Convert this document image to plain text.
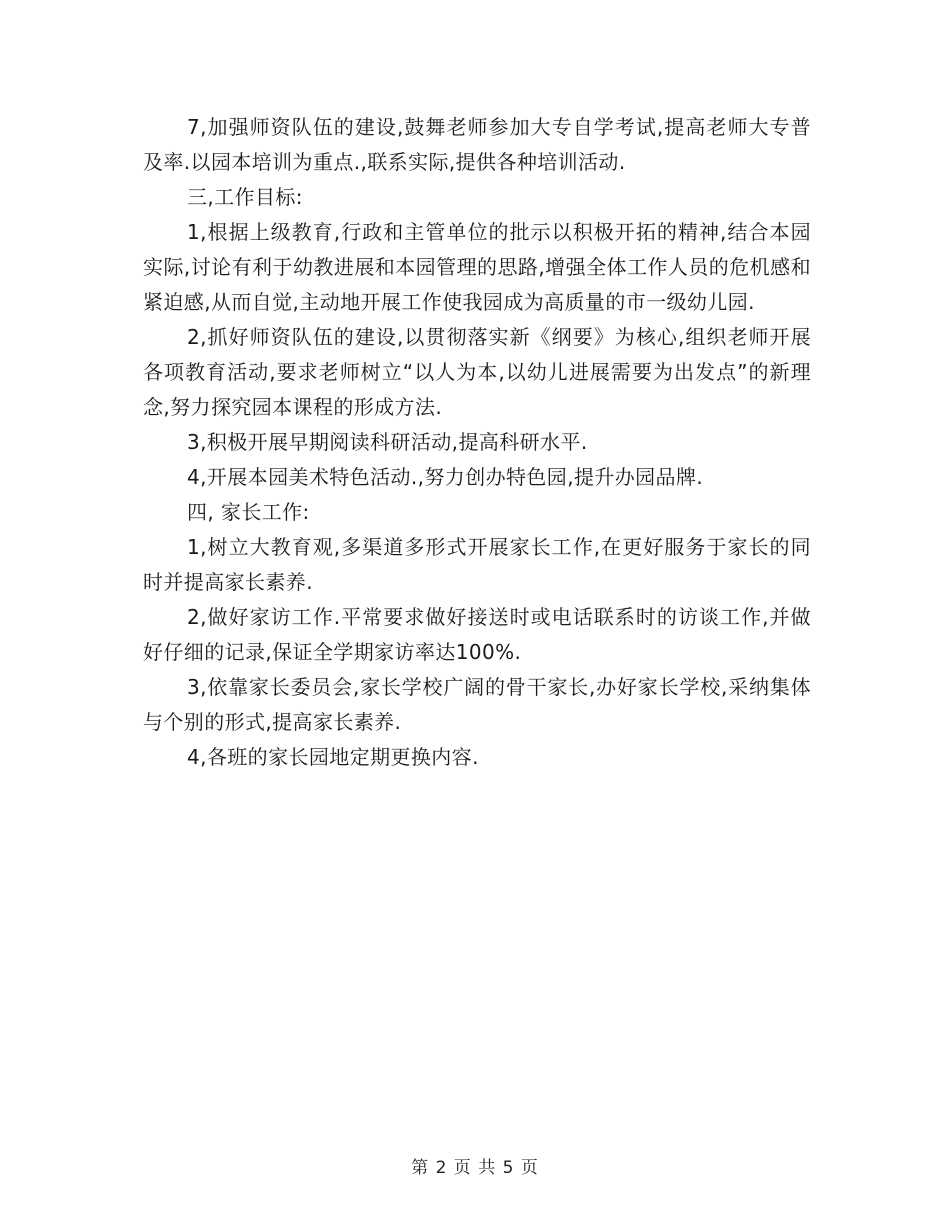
7,加强师资队伍的建设,鼓舞老师参加大专自学考试,提高老师大专普及率.以园本培训为重点.,联系实际,提供各种培训活动.

三,工作目标:

1,根据上级教育,行政和主管单位的批示以积极开拓的精神,结合本园实际,讨论有利于幼教进展和本园管理的思路,增强全体工作人员的危机感和紧迫感,从而自觉,主动地开展工作使我园成为高质量的市一级幼儿园.

2,抓好师资队伍的建设,以贯彻落实新《纲要》为核心,组织老师开展各项教育活动,要求老师树立“以人为本,以幼儿进展需要为出发点”的新理念,努力探究园本课程的形成方法.

3,积极开展早期阅读科研活动,提高科研水平.

4,开展本园美术特色活动.,努力创办特色园,提升办园品牌.

四, 家长工作:

1,树立大教育观,多渠道多形式开展家长工作,在更好服务于家长的同时并提高家长素养.

2,做好家访工作.平常要求做好接送时或电话联系时的访谈工作,并做好仔细的记录,保证全学期家访率达100%.

3,依靠家长委员会,家长学校广阔的骨干家长,办好家长学校,采纳集体与个别的形式,提高家长素养.

4,各班的家长园地定期更换内容.

第 2 页 共 5 页
